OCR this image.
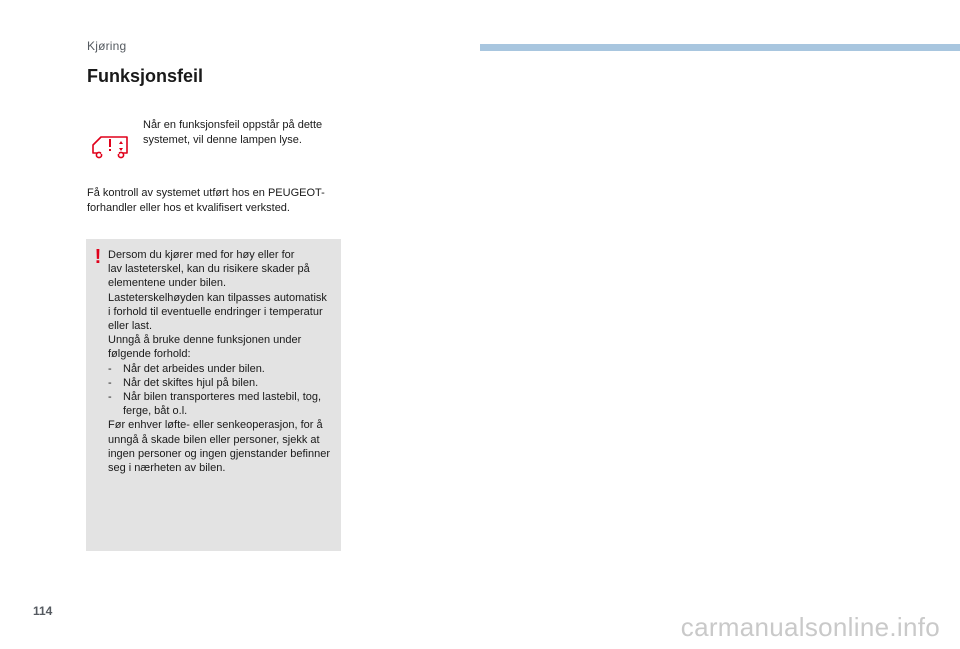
Kjøring
Funksjonsfeil
Når en funksjonsfeil oppstår på dette
systemet, vil denne lampen lyse.
Få kontroll av systemet utført hos en PEUGEOT-
forhandler eller hos et kvalifisert verksted.
! Dersom du kjører med for høy eller for
lav lasteterskel, kan du risikere skader på
elementene under bilen.
Lasteterskelhøyden kan tilpasses automatisk
i forhold til eventuelle endringer i temperatur
eller last.
Unngå å bruke denne funksjonen under
følgende forhold:
- Når det arbeides under bilen.
- Når det skiftes hjul på bilen.
- Når bilen transporteres med lastebil, tog, ferge, båt o.l.
Før enhver løfte- eller senkeoperasjon, for å
unngå å skade bilen eller personer, sjekk at
ingen personer og ingen gjenstander befinner
seg i nærheten av bilen.
114
carmanualsonline.info
